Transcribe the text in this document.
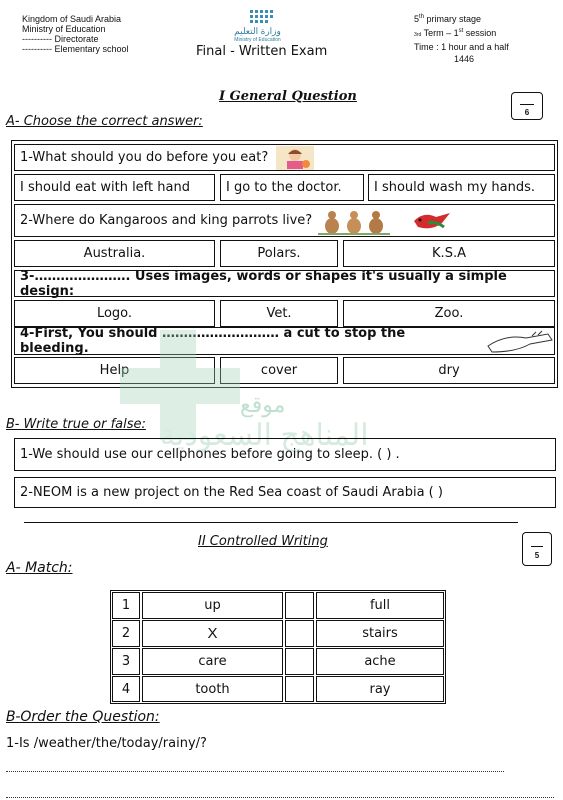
Kingdom of Saudi Arabia
Ministry of Education
---------- Directorate
---------- Elementary school
وزارة التعليم
Ministry of Education
Final - Written Exam
5th primary stage
3rd Term – 1st session
Time : 1 hour and a half
1446
I General Question
6
A- Choose the correct answer:
1-What should you do before you eat?
I should eat with left hand	I go to the doctor.	I should wash my hands.
2-Where do Kangaroos and king parrots live?
Australia.	Polars.	K.S.A
3-…………………. Uses images, words or shapes it's usually a simple design:
Logo.	Vet.	Zoo.
4-First, You should ……………………… a cut to stop the bleeding.
Help	cover	dry
موقع
المناهج السعودية
B- Write true or false:
1-We should use our cellphones before going to sleep. ( ) .
2-NEOM is a new project on the Red Sea coast of Saudi Arabia ( )
II Controlled Writing
5
A- Match:
1	up	full
2	X	stairs
3	care	ache
4	tooth	ray
B-Order the Question:
1-Is /weather/the/today/rainy/?
